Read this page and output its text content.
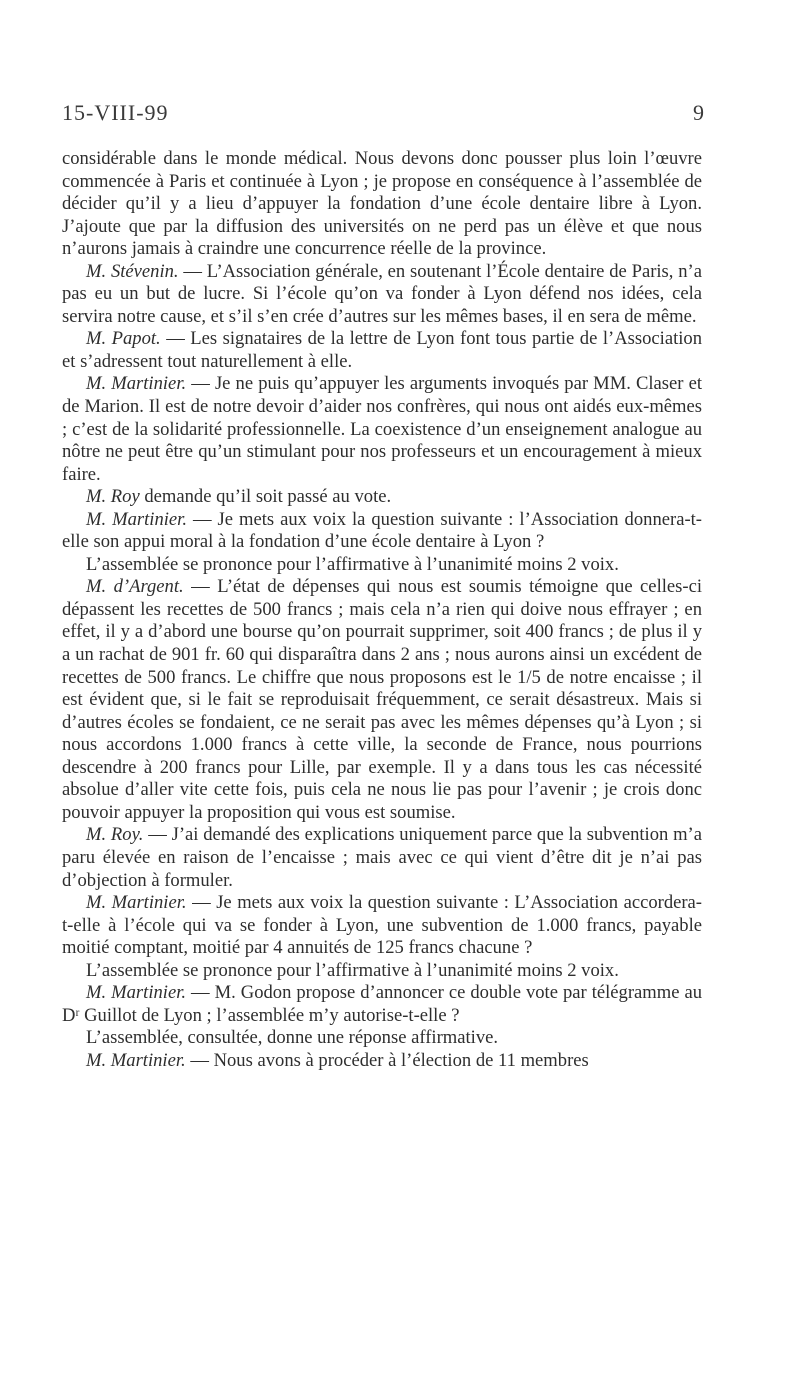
15-VIII-99	9

considérable dans le monde médical. Nous devons donc pousser plus loin l’œuvre commencée à Paris et continuée à Lyon ; je propose en conséquence à l’assemblée de décider qu’il y a lieu d’appuyer la fondation d’une école dentaire libre à Lyon. J’ajoute que par la diffusion des universités on ne perd pas un élève et que nous n’aurons jamais à craindre une concurrence réelle de la province.

M. Stévenin. — L’Association générale, en soutenant l’École dentaire de Paris, n’a pas eu un but de lucre. Si l’école qu’on va fonder à Lyon défend nos idées, cela servira notre cause, et s’il s’en crée d’autres sur les mêmes bases, il en sera de même.

M. Papot. — Les signataires de la lettre de Lyon font tous partie de l’Association et s’adressent tout naturellement à elle.

M. Martinier. — Je ne puis qu’appuyer les arguments invoqués par MM. Claser et de Marion. Il est de notre devoir d’aider nos confrères, qui nous ont aidés eux-mêmes ; c’est de la solidarité professionnelle. La coexistence d’un enseignement analogue au nôtre ne peut être qu’un stimulant pour nos professeurs et un encouragement à mieux faire.

M. Roy demande qu’il soit passé au vote.

M. Martinier. — Je mets aux voix la question suivante : l’Association donnera-t-elle son appui moral à la fondation d’une école dentaire à Lyon ?

L’assemblée se prononce pour l’affirmative à l’unanimité moins 2 voix.

M. d’Argent. — L’état de dépenses qui nous est soumis témoigne que celles-ci dépassent les recettes de 500 francs ; mais cela n’a rien qui doive nous effrayer ; en effet, il y a d’abord une bourse qu’on pourrait supprimer, soit 400 francs ; de plus il y a un rachat de 901 fr. 60 qui disparaîtra dans 2 ans ; nous aurons ainsi un excédent de recettes de 500 francs. Le chiffre que nous proposons est le 1/5 de notre encaisse ; il est évident que, si le fait se reproduisait fréquemment, ce serait désastreux. Mais si d’autres écoles se fondaient, ce ne serait pas avec les mêmes dépenses qu’à Lyon ; si nous accordons 1.000 francs à cette ville, la seconde de France, nous pourrions descendre à 200 francs pour Lille, par exemple. Il y a dans tous les cas nécessité absolue d’aller vite cette fois, puis cela ne nous lie pas pour l’avenir ; je crois donc pouvoir appuyer la proposition qui vous est soumise.

M. Roy. — J’ai demandé des explications uniquement parce que la subvention m’a paru élevée en raison de l’encaisse ; mais avec ce qui vient d’être dit je n’ai pas d’objection à formuler.

M. Martinier. — Je mets aux voix la question suivante : L’Association accordera-t-elle à l’école qui va se fonder à Lyon, une subvention de 1.000 francs, payable moitié comptant, moitié par 4 annuités de 125 francs chacune ?

L’assemblée se prononce pour l’affirmative à l’unanimité moins 2 voix.

M. Martinier. — M. Godon propose d’annoncer ce double vote par télégramme au Dʳ Guillot de Lyon ; l’assemblée m’y autorise-t-elle ?

L’assemblée, consultée, donne une réponse affirmative.

M. Martinier. — Nous avons à procéder à l’élection de 11 membres
